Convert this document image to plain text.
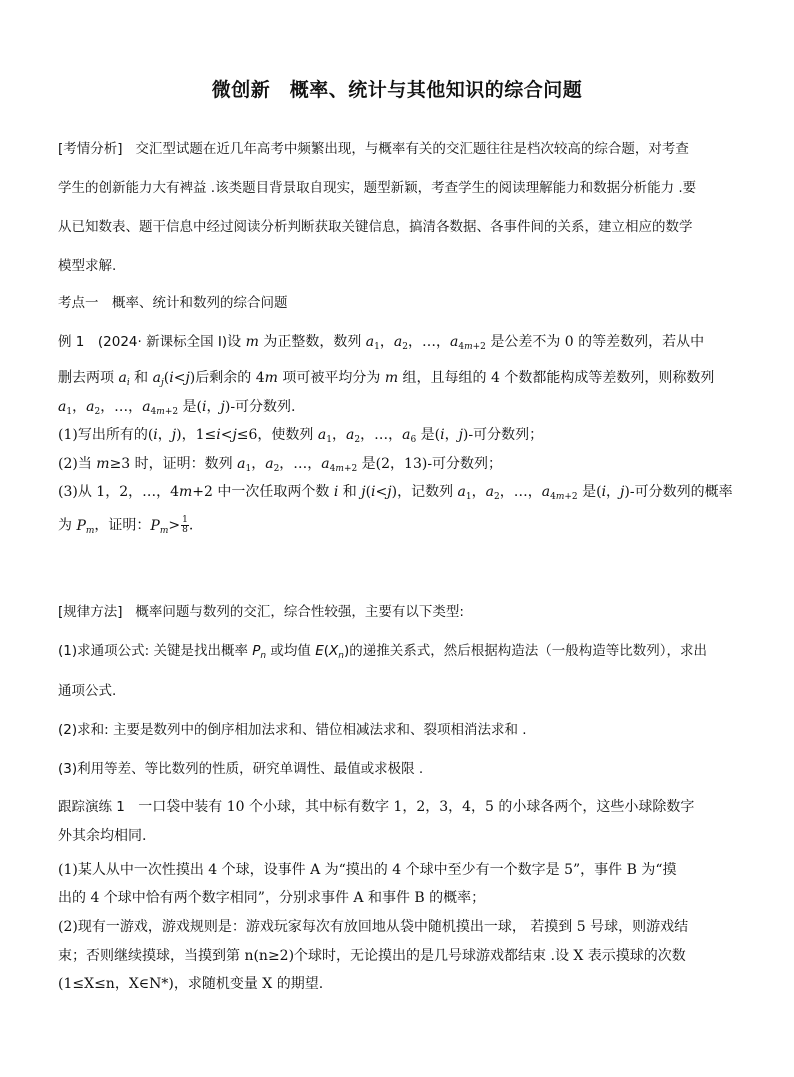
微创新　概率、统计与其他知识的综合问题
[考情分析] 交汇型试题在近几年高考中频繁出现，与概率有关的交汇题往往是档次较高的综合题，对考查
学生的创新能力大有裨益 .该类题目背景取自现实，题型新颖，考查学生的阅读理解能力和数据分析能力 .要
从已知数表、题干信息中经过阅读分析判断获取关键信息，搞清各数据、各事件间的关系，建立相应的数学
模型求解.
考点一　概率、统计和数列的综合问题
例 1　(2024· 新课标全国 Ⅰ)设 m 为正整数，数列 $a_1$，$a_2$，…，$a_{4m+2}$ 是公差不为 0 的等差数列，若从中
删去两项 $a_i$ 和 $a_j(i<j)$后剩余的 4m 项可被平均分为 m 组，且每组的 4 个数都能构成等差数列，则称数列
$a_1$，$a_2$，…，$a_{4m+2}$ 是(i，j)-可分数列.
(1)写出所有的(i，j)，1≤i<j≤6，使数列 $a_1$，$a_2$，…，$a_6$ 是(i，j)-可分数列；
(2)当 m≥3 时，证明：数列 $a_1$，$a_2$，…，$a_{4m+2}$ 是(2，13)-可分数列；
(3)从 1，2，…，4m+2 中一次任取两个数 i 和 j(i<j)，记数列 $a_1$，$a_2$，…，$a_{4m+2}$ 是(i，j)-可分数列的概率
为 $P_m$，证明：$P_m> \frac{1}{8}$ .
[规律方法] 概率问题与数列的交汇，综合性较强，主要有以下类型:
(1)求通项公式: 关键是找出概率 $P_n$ 或均值 $E(X_n)$的递推关系式，然后根据构造法（一般构造等比数列），求出
通项公式.
(2)求和: 主要是数列中的倒序相加法求和、错位相减法求和、裂项相消法求和 .
(3)利用等差、等比数列的性质，研究单调性、最值或求极限 .
跟踪演练 1 一口袋中装有 10 个小球，其中标有数字 1，2，3，4，5 的小球各两个，这些小球除数字
外其余均相同.
(1)某人从中一次性摸出 4 个球，设事件 A 为“摸出的 4 个球中至少有一个数字是 5”，事件 B 为“摸
出的 4 个球中恰有两个数字相同”，分别求事件 A 和事件 B 的概率；
(2)现有一游戏，游戏规则是：游戏玩家每次有放回地从袋中随机摸出一球， 若摸到 5 号球，则游戏结
束；否则继续摸球，当摸到第 n(n≥2)个球时，无论摸出的是几号球游戏都结束 .设 X 表示摸球的次数
(1≤X≤n，X∈N*)，求随机变量 X 的期望.
